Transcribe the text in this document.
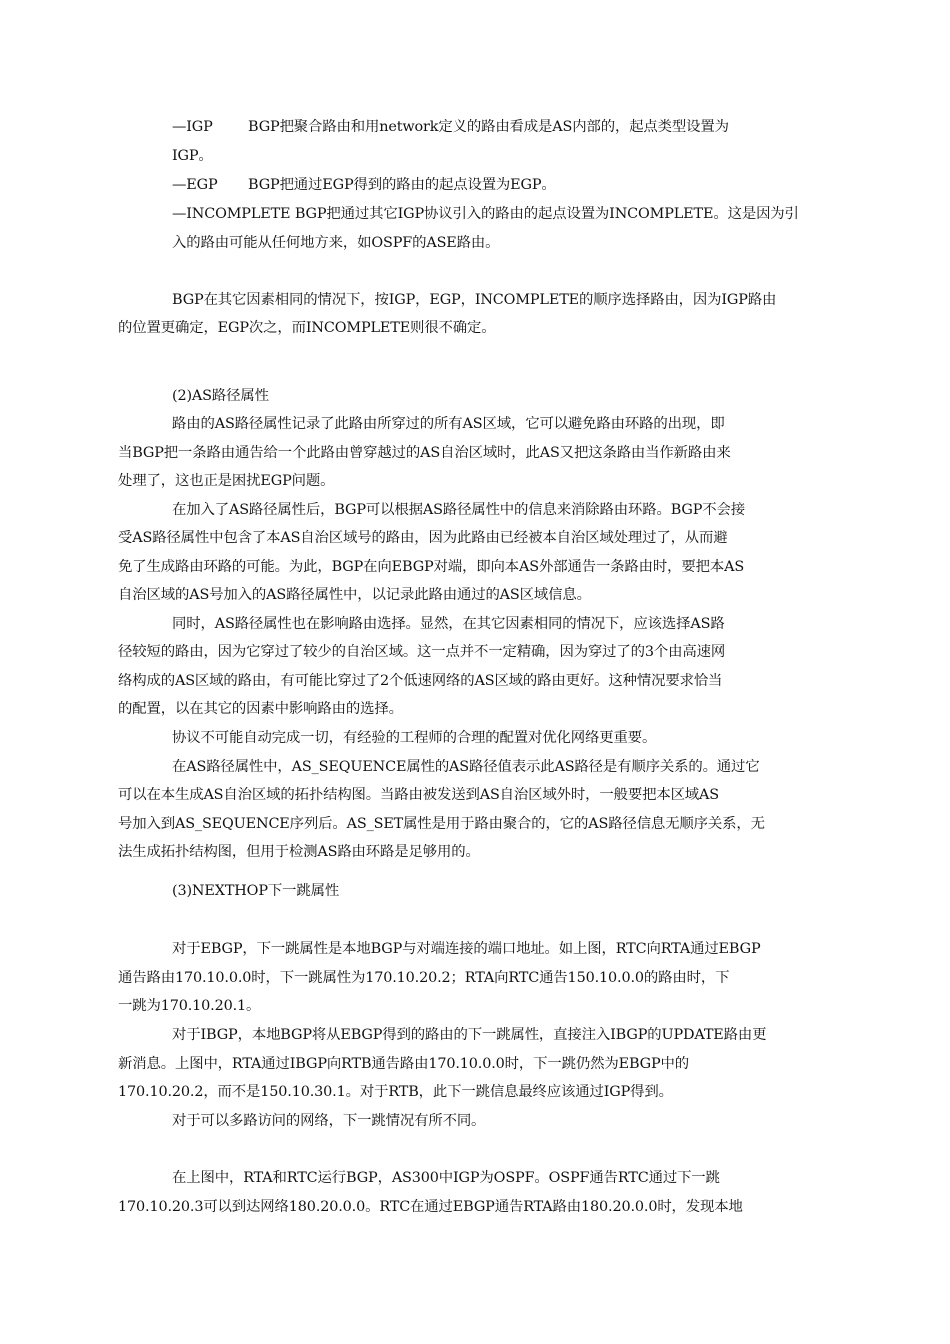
—IGP BGP把聚合路由和用network定义的路由看成是AS内部的，起点类型设置为
IGP。
—EGP BGP把通过EGP得到的路由的起点设置为EGP。
—INCOMPLETE BGP把通过其它IGP协议引入的路由的起点设置为INCOMPLETE。这是因为引
入的路由可能从任何地方来，如OSPF的ASE路由。
BGP在其它因素相同的情况下，按IGP，EGP，INCOMPLETE的顺序选择路由，因为IGP路由
的位置更确定，EGP次之，而INCOMPLETE则很不确定。
(2)AS路径属性
路由的AS路径属性记录了此路由所穿过的所有AS区域，它可以避免路由环路的出现，即
当BGP把一条路由通告给一个此路由曾穿越过的AS自治区域时，此AS又把这条路由当作新路由来
处理了，这也正是困扰EGP问题。
在加入了AS路径属性后，BGP可以根据AS路径属性中的信息来消除路由环路。BGP不会接
受AS路径属性中包含了本AS自治区域号的路由，因为此路由已经被本自治区域处理过了，从而避
免了生成路由环路的可能。为此，BGP在向EBGP对端，即向本AS外部通告一条路由时，要把本AS
自治区域的AS号加入的AS路径属性中，以记录此路由通过的AS区域信息。
同时，AS路径属性也在影响路由选择。显然，在其它因素相同的情况下，应该选择AS路
径较短的路由，因为它穿过了较少的自治区域。这一点并不一定精确，因为穿过了的3个由高速网
络构成的AS区域的路由，有可能比穿过了2个低速网络的AS区域的路由更好。这种情况要求恰当
的配置，以在其它的因素中影响路由的选择。
协议不可能自动完成一切，有经验的工程师的合理的配置对优化网络更重要。
在AS路径属性中，AS_SEQUENCE属性的AS路径值表示此AS路径是有顺序关系的。通过它
可以在本生成AS自治区域的拓扑结构图。当路由被发送到AS自治区域外时，一般要把本区域AS
号加入到AS_SEQUENCE序列后。AS_SET属性是用于路由聚合的，它的AS路径信息无顺序关系，无
法生成拓扑结构图，但用于检测AS路由环路是足够用的。
(3)NEXTHOP下一跳属性
对于EBGP，下一跳属性是本地BGP与对端连接的端口地址。如上图，RTC向RTA通过EBGP
通告路由170.10.0.0时，下一跳属性为170.10.20.2；RTA向RTC通告150.10.0.0的路由时，下
一跳为170.10.20.1。
对于IBGP，本地BGP将从EBGP得到的路由的下一跳属性，直接注入IBGP的UPDATE路由更
新消息。上图中，RTA通过IBGP向RTB通告路由170.10.0.0时，下一跳仍然为EBGP中的
170.10.20.2，而不是150.10.30.1。对于RTB，此下一跳信息最终应该通过IGP得到。
对于可以多路访问的网络，下一跳情况有所不同。
在上图中，RTA和RTC运行BGP，AS300中IGP为OSPF。OSPF通告RTC通过下一跳
170.10.20.3可以到达网络180.20.0.0。RTC在通过EBGP通告RTA路由180.20.0.0时，发现本地
